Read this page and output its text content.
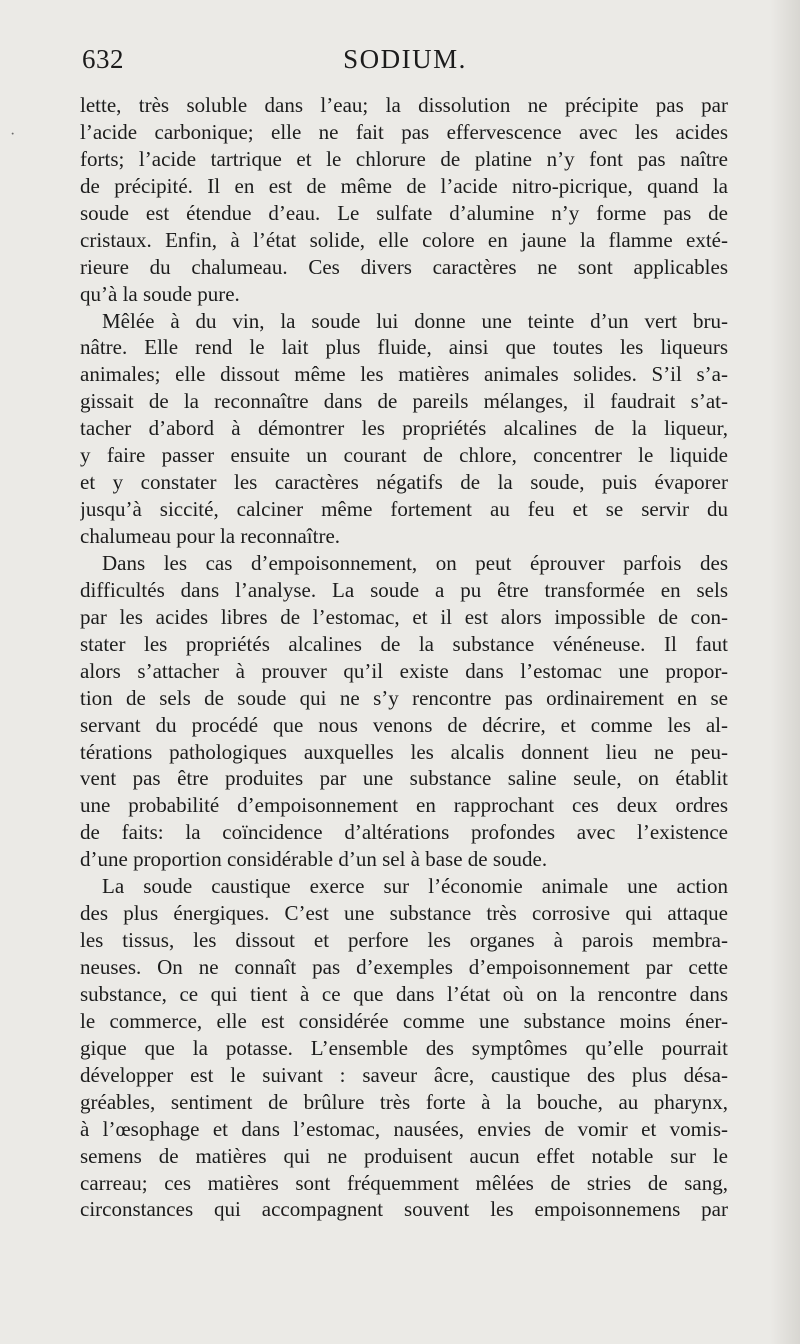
632	SODIUM.
·
lette, très soluble dans l’eau; la dissolution ne précipite pas par
l’acide carbonique; elle ne fait pas effervescence avec les acides
forts; l’acide tartrique et le chlorure de platine n’y font pas naître
de précipité. Il en est de même de l’acide nitro-picrique, quand la
soude est étendue d’eau. Le sulfate d’alumine n’y forme pas de
cristaux. Enfin, à l’état solide, elle colore en jaune la flamme exté-
rieure du chalumeau. Ces divers caractères ne sont applicables
qu’à la soude pure.
Mêlée à du vin, la soude lui donne une teinte d’un vert bru-
nâtre. Elle rend le lait plus fluide, ainsi que toutes les liqueurs
animales; elle dissout même les matières animales solides. S’il s’a-
gissait de la reconnaître dans de pareils mélanges, il faudrait s’at-
tacher d’abord à démontrer les propriétés alcalines de la liqueur,
y faire passer ensuite un courant de chlore, concentrer le liquide
et y constater les caractères négatifs de la soude, puis évaporer
jusqu’à siccité, calciner même fortement au feu et se servir du
chalumeau pour la reconnaître.
Dans les cas d’empoisonnement, on peut éprouver parfois des
difficultés dans l’analyse. La soude a pu être transformée en sels
par les acides libres de l’estomac, et il est alors impossible de con-
stater les propriétés alcalines de la substance vénéneuse. Il faut
alors s’attacher à prouver qu’il existe dans l’estomac une propor-
tion de sels de soude qui ne s’y rencontre pas ordinairement en se
servant du procédé que nous venons de décrire, et comme les al-
térations pathologiques auxquelles les alcalis donnent lieu ne peu-
vent pas être produites par une substance saline seule, on établit
une probabilité d’empoisonnement en rapprochant ces deux ordres
de faits: la coïncidence d’altérations profondes avec l’existence
d’une proportion considérable d’un sel à base de soude.
La soude caustique exerce sur l’économie animale une action
des plus énergiques. C’est une substance très corrosive qui attaque
les tissus, les dissout et perfore les organes à parois membra-
neuses. On ne connaît pas d’exemples d’empoisonnement par cette
substance, ce qui tient à ce que dans l’état où on la rencontre dans
le commerce, elle est considérée comme une substance moins éner-
gique que la potasse. L’ensemble des symptômes qu’elle pourrait
développer est le suivant : saveur âcre, caustique des plus désa-
gréables, sentiment de brûlure très forte à la bouche, au pharynx,
à l’œsophage et dans l’estomac, nausées, envies de vomir et vomis-
semens de matières qui ne produisent aucun effet notable sur le
carreau; ces matières sont fréquemment mêlées de stries de sang,
circonstances qui accompagnent souvent les empoisonnemens par
